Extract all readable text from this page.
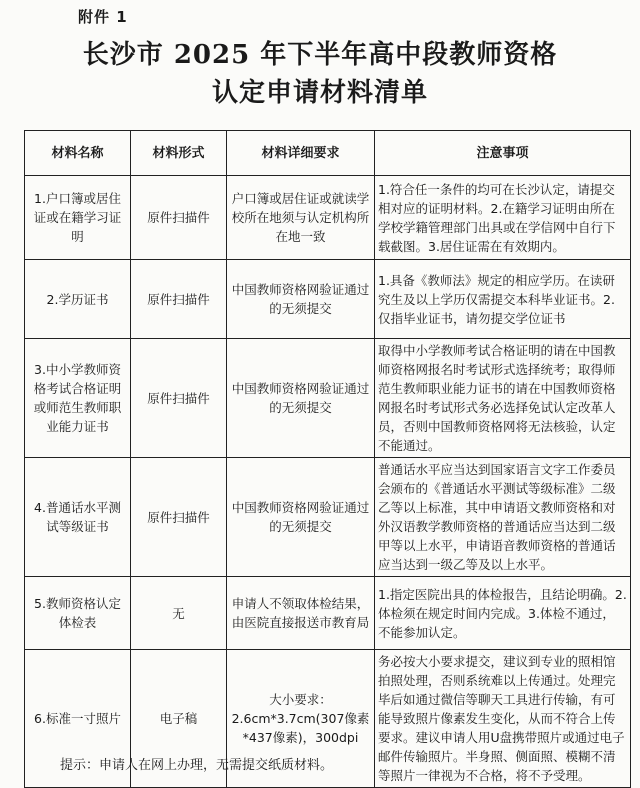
附件 1
长沙市 2025 年下半年高中段教师资格
认定申请材料清单
材料名称	材料形式	材料详细要求	注意事项
1.户口簿或居住证或在籍学习证明	原件扫描件	户口簿或居住证或就读学校所在地须与认定机构所在地一致	1.符合任一条件的均可在长沙认定，请提交相对应的证明材料。2.在籍学习证明由所在学校学籍管理部门出具或在学信网中自行下载截图。3.居住证需在有效期内。
2.学历证书	原件扫描件	中国教师资格网验证通过的无须提交	1.具备《教师法》规定的相应学历。在读研究生及以上学历仅需提交本科毕业证书。2.仅指毕业证书，请勿提交学位证书
3.中小学教师资格考试合格证明或师范生教师职业能力证书	原件扫描件	中国教师资格网验证通过的无须提交	取得中小学教师考试合格证明的请在中国教师资格网报名时考试形式选择统考；取得师范生教师职业能力证书的请在中国教师资格网报名时考试形式务必选择免试认定改革人员，否则中国教师资格网将无法核验，认定不能通过。
4.普通话水平测试等级证书	原件扫描件	中国教师资格网验证通过的无须提交	普通话水平应当达到国家语言文字工作委员会颁布的《普通话水平测试等级标准》二级乙等以上标准，其中申请语文教师资格和对外汉语教学教师资格的普通话应当达到二级甲等以上水平，申请语音教师资格的普通话应当达到一级乙等及以上水平。
5.教师资格认定体检表	无	申请人不领取体检结果，由医院直接报送市教育局	1.指定医院出具的体检报告，且结论明确。2.体检须在规定时间内完成。3.体检不通过，不能参加认定。
6.标准一寸照片	电子稿	大小要求：2.6cm*3.7cm(307像素*437像素)，300dpi	务必按大小要求提交，建议到专业的照相馆拍照处理，否则系统难以上传通过。处理完毕后如通过微信等聊天工具进行传输，有可能导致照片像素发生变化，从而不符合上传要求。建议申请人用U盘携带照片或通过电子邮件传输照片。半身照、侧面照、模糊不清等照片一律视为不合格，将不予受理。
提示：申请人在网上办理，无需提交纸质材料。
